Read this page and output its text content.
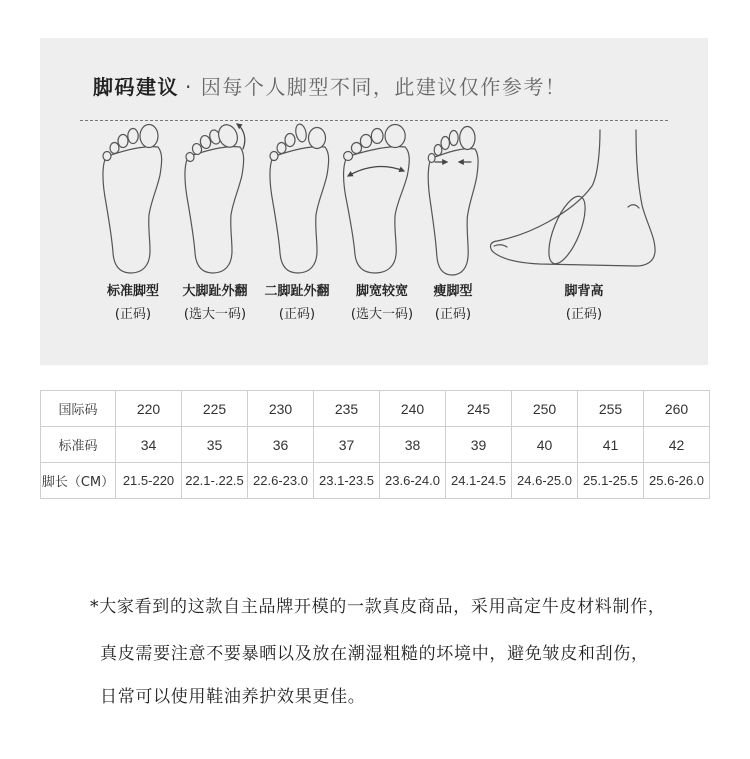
脚码建议 · 因每个人脚型不同，此建议仅作参考！
标准脚型
(正码)
大脚趾外翻
(选大一码)
二脚趾外翻
(正码)
脚宽较宽
(选大一码)
瘦脚型
(正码)
脚背高
(正码)
国际码	220	225	230	235	240	245	250	255	260
标准码	34	35	36	37	38	39	40	41	42
脚长（CM）	21.5-220	22.1-.22.5	22.6-23.0	23.1-23.5	23.6-24.0	24.1-24.5	24.6-25.0	25.1-25.5	25.6-26.0
*大家看到的这款自主品牌开模的一款真皮商品，采用高定牛皮材料制作，
真皮需要注意不要暴晒以及放在潮湿粗糙的坏境中，避免皱皮和刮伤，
日常可以使用鞋油养护效果更佳。
